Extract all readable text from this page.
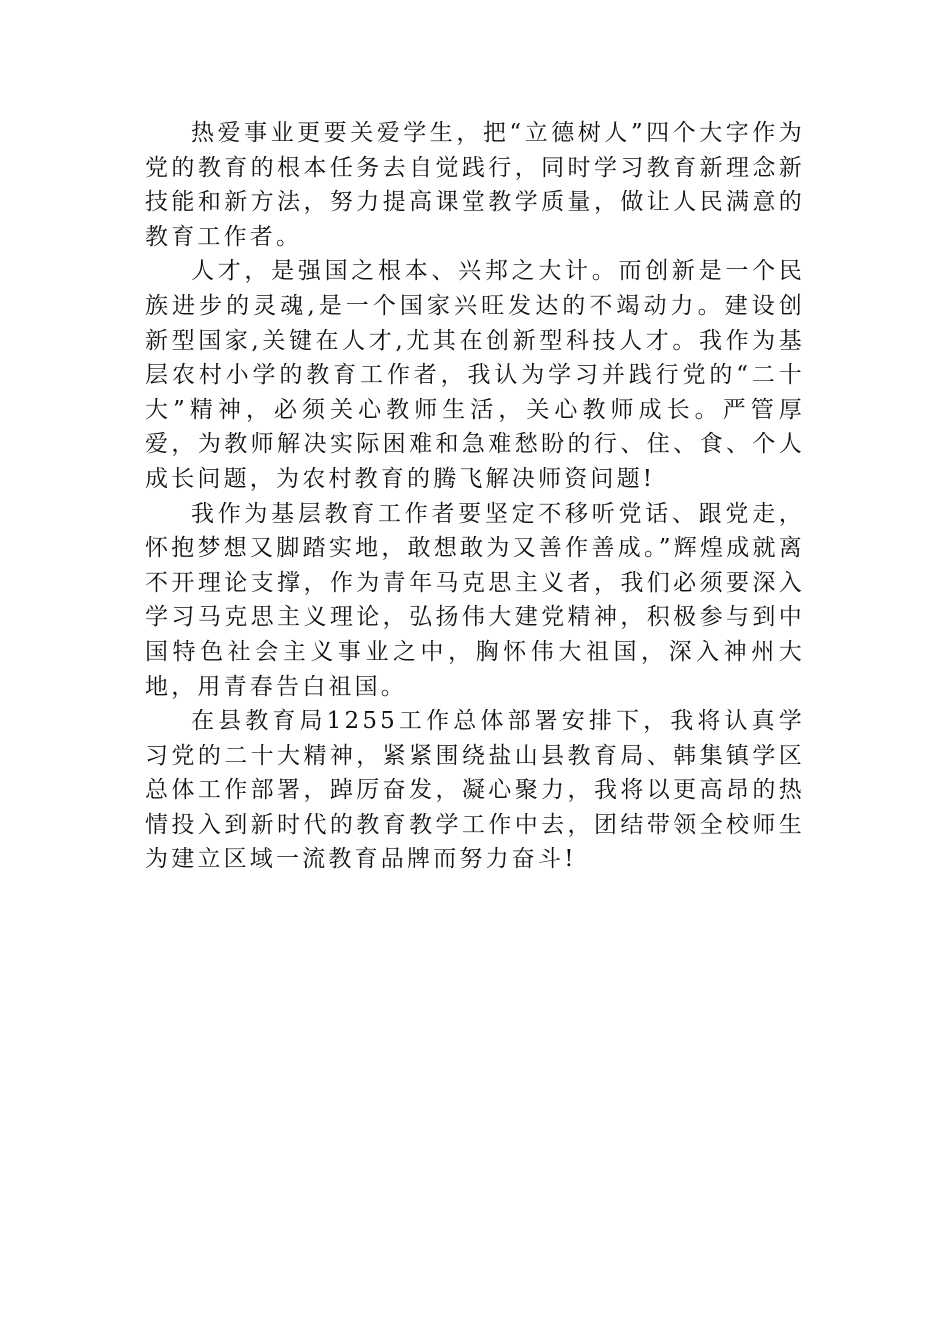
热爱事业更要关爱学生，把“立德树人”四个大字作为党的教育的根本任务去自觉践行，同时学习教育新理念新技能和新方法，努力提高课堂教学质量，做让人民满意的教育工作者。

人才，是强国之根本、兴邦之大计。而创新是一个民族进步的灵魂,是一个国家兴旺发达的不竭动力。建设创新型国家,关键在人才,尤其在创新型科技人才。我作为基层农村小学的教育工作者，我认为学习并践行党的“二十大”精神，必须关心教师生活，关心教师成长。严管厚爱，为教师解决实际困难和急难愁盼的行、住、食、个人成长问题，为农村教育的腾飞解决师资问题!

我作为基层教育工作者要坚定不移听党话、跟党走，怀抱梦想又脚踏实地，敢想敢为又善作善成。”辉煌成就离不开理论支撑，作为青年马克思主义者，我们必须要深入学习马克思主义理论，弘扬伟大建党精神，积极参与到中国特色社会主义事业之中，胸怀伟大祖国，深入神州大地，用青春告白祖国。

在县教育局1255工作总体部署安排下，我将认真学习党的二十大精神，紧紧围绕盐山县教育局、韩集镇学区总体工作部署，踔厉奋发，凝心聚力，我将以更高昂的热情投入到新时代的教育教学工作中去，团结带领全校师生为建立区域一流教育品牌而努力奋斗!
